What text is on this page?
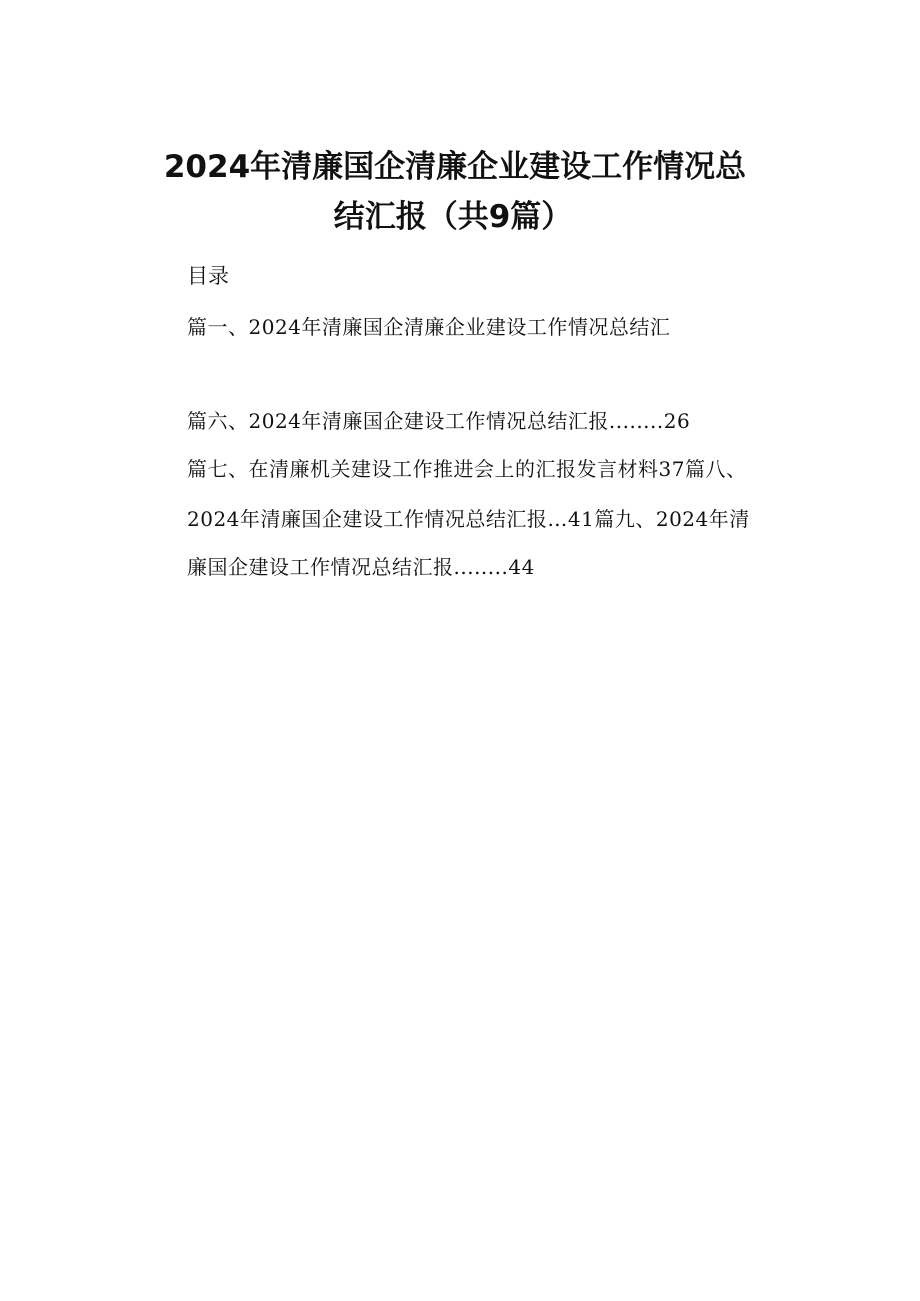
2024年清廉国企清廉企业建设工作情况总
结汇报（共9篇）
目录
篇一、2024年清廉国企清廉企业建设工作情况总结汇
篇六、2024年清廉国企建设工作情况总结汇报........26
篇七、在清廉机关建设工作推进会上的汇报发言材料37篇八、
2024年清廉国企建设工作情况总结汇报…41篇九、2024年清
廉国企建设工作情况总结汇报........44
